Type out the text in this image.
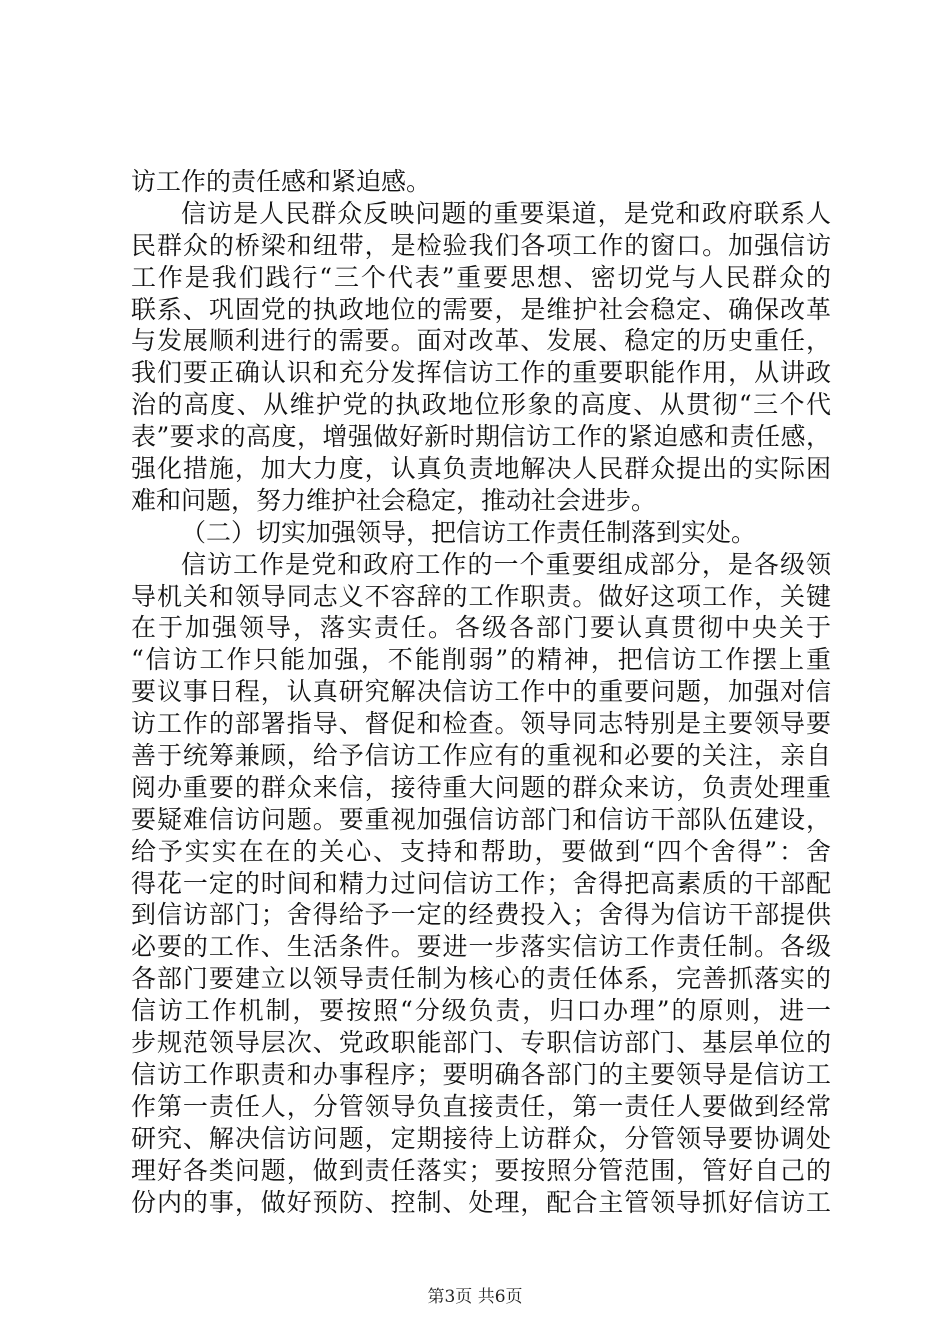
访工作的责任感和紧迫感。
信访是人民群众反映问题的重要渠道，是党和政府联系人
民群众的桥梁和纽带，是检验我们各项工作的窗口。加强信访
工作是我们践行“三个代表”重要思想、密切党与人民群众的
联系、巩固党的执政地位的需要，是维护社会稳定、确保改革
与发展顺利进行的需要。面对改革、发展、稳定的历史重任，
我们要正确认识和充分发挥信访工作的重要职能作用，从讲政
治的高度、从维护党的执政地位形象的高度、从贯彻“三个代
表”要求的高度，增强做好新时期信访工作的紧迫感和责任感，
强化措施，加大力度，认真负责地解决人民群众提出的实际困
难和问题，努力维护社会稳定，推动社会进步。
（二）切实加强领导，把信访工作责任制落到实处。
信访工作是党和政府工作的一个重要组成部分，是各级领
导机关和领导同志义不容辞的工作职责。做好这项工作，关键
在于加强领导，落实责任。各级各部门要认真贯彻中央关于
“信访工作只能加强，不能削弱”的精神，把信访工作摆上重
要议事日程，认真研究解决信访工作中的重要问题，加强对信
访工作的部署指导、督促和检查。领导同志特别是主要领导要
善于统筹兼顾，给予信访工作应有的重视和必要的关注，亲自
阅办重要的群众来信，接待重大问题的群众来访，负责处理重
要疑难信访问题。要重视加强信访部门和信访干部队伍建设，
给予实实在在的关心、支持和帮助，要做到“四个舍得”：舍
得花一定的时间和精力过问信访工作；舍得把高素质的干部配
到信访部门；舍得给予一定的经费投入；舍得为信访干部提供
必要的工作、生活条件。要进一步落实信访工作责任制。各级
各部门要建立以领导责任制为核心的责任体系，完善抓落实的
信访工作机制，要按照“分级负责，归口办理”的原则，进一
步规范领导层次、党政职能部门、专职信访部门、基层单位的
信访工作职责和办事程序；要明确各部门的主要领导是信访工
作第一责任人，分管领导负直接责任，第一责任人要做到经常
研究、解决信访问题，定期接待上访群众，分管领导要协调处
理好各类问题，做到责任落实；要按照分管范围，管好自己的
份内的事，做好预防、控制、处理，配合主管领导抓好信访工
第3页 共6页
